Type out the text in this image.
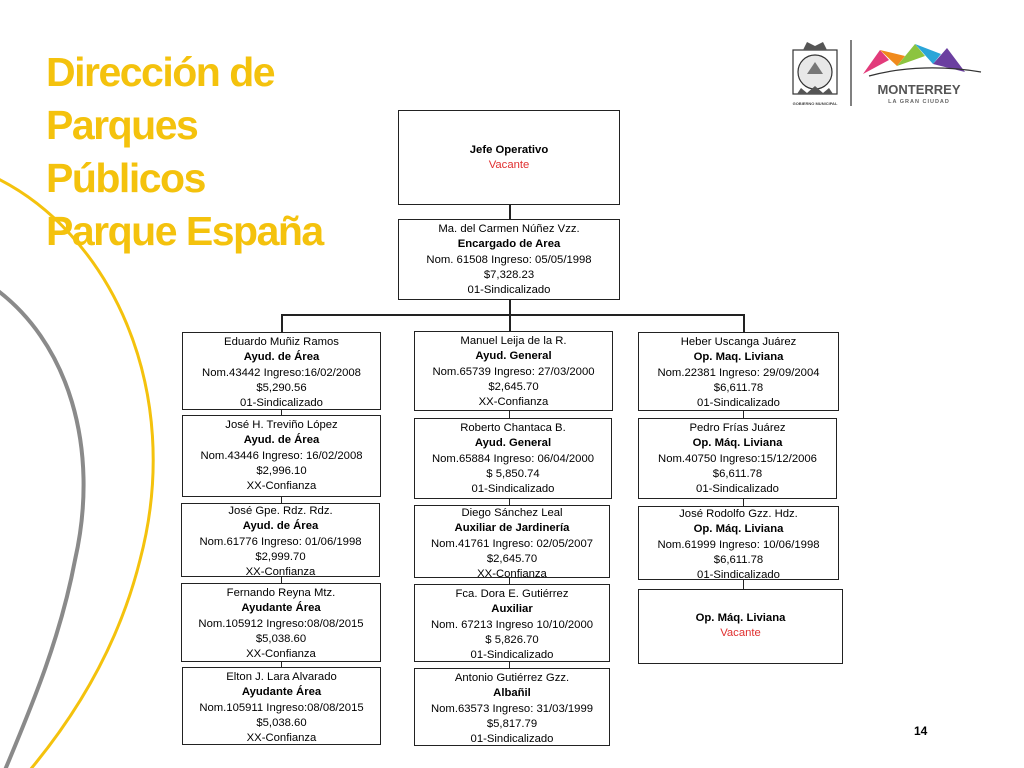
Dirección de
Parques
Públicos
Parque España
GOBIERNO MUNICIPAL
MONTERREY
LA GRAN CIUDAD
Jefe Operativo
Vacante
Ma. del Carmen Núñez Vzz.
Encargado de Area
Nom. 61508 Ingreso: 05/05/1998
$7,328.23
01-Sindicalizado
Eduardo Muñiz Ramos
Ayud. de Área
Nom.43442 Ingreso:16/02/2008
$5,290.56
01-Sindicalizado
José H. Treviño López
Ayud. de Área
Nom.43446 Ingreso: 16/02/2008
$2,996.10
XX-Confianza
José Gpe. Rdz. Rdz.
Ayud. de Área
Nom.61776 Ingreso: 01/06/1998
$2,999.70
XX-Confianza
Fernando Reyna Mtz.
Ayudante Área
Nom.105912 Ingreso:08/08/2015
$5,038.60
XX-Confianza
Elton J. Lara Alvarado
Ayudante Área
Nom.105911 Ingreso:08/08/2015
$5,038.60
XX-Confianza
Manuel Leija de la R.
Ayud. General
Nom.65739 Ingreso: 27/03/2000
$2,645.70
XX-Confianza
Roberto Chantaca B.
Ayud. General
Nom.65884 Ingreso: 06/04/2000
$ 5,850.74
01-Sindicalizado
Diego Sánchez Leal
Auxiliar de Jardinería
Nom.41761 Ingreso: 02/05/2007
$2,645.70
XX-Confianza
Fca. Dora E. Gutiérrez
Auxiliar
Nom. 67213 Ingreso 10/10/2000
$ 5,826.70
01-Sindicalizado
Antonio Gutiérrez Gzz.
Albañil
Nom.63573 Ingreso: 31/03/1999
$5,817.79
01-Sindicalizado
Heber Uscanga Juárez
Op. Maq. Liviana
Nom.22381 Ingreso: 29/09/2004
$6,611.78
01-Sindicalizado
Pedro Frías Juárez
Op. Máq. Liviana
Nom.40750 Ingreso:15/12/2006
$6,611.78
01-Sindicalizado
José Rodolfo Gzz. Hdz.
Op. Máq. Liviana
Nom.61999 Ingreso: 10/06/1998
$6,611.78
01-Sindicalizado
Op. Máq. Liviana
Vacante
14
